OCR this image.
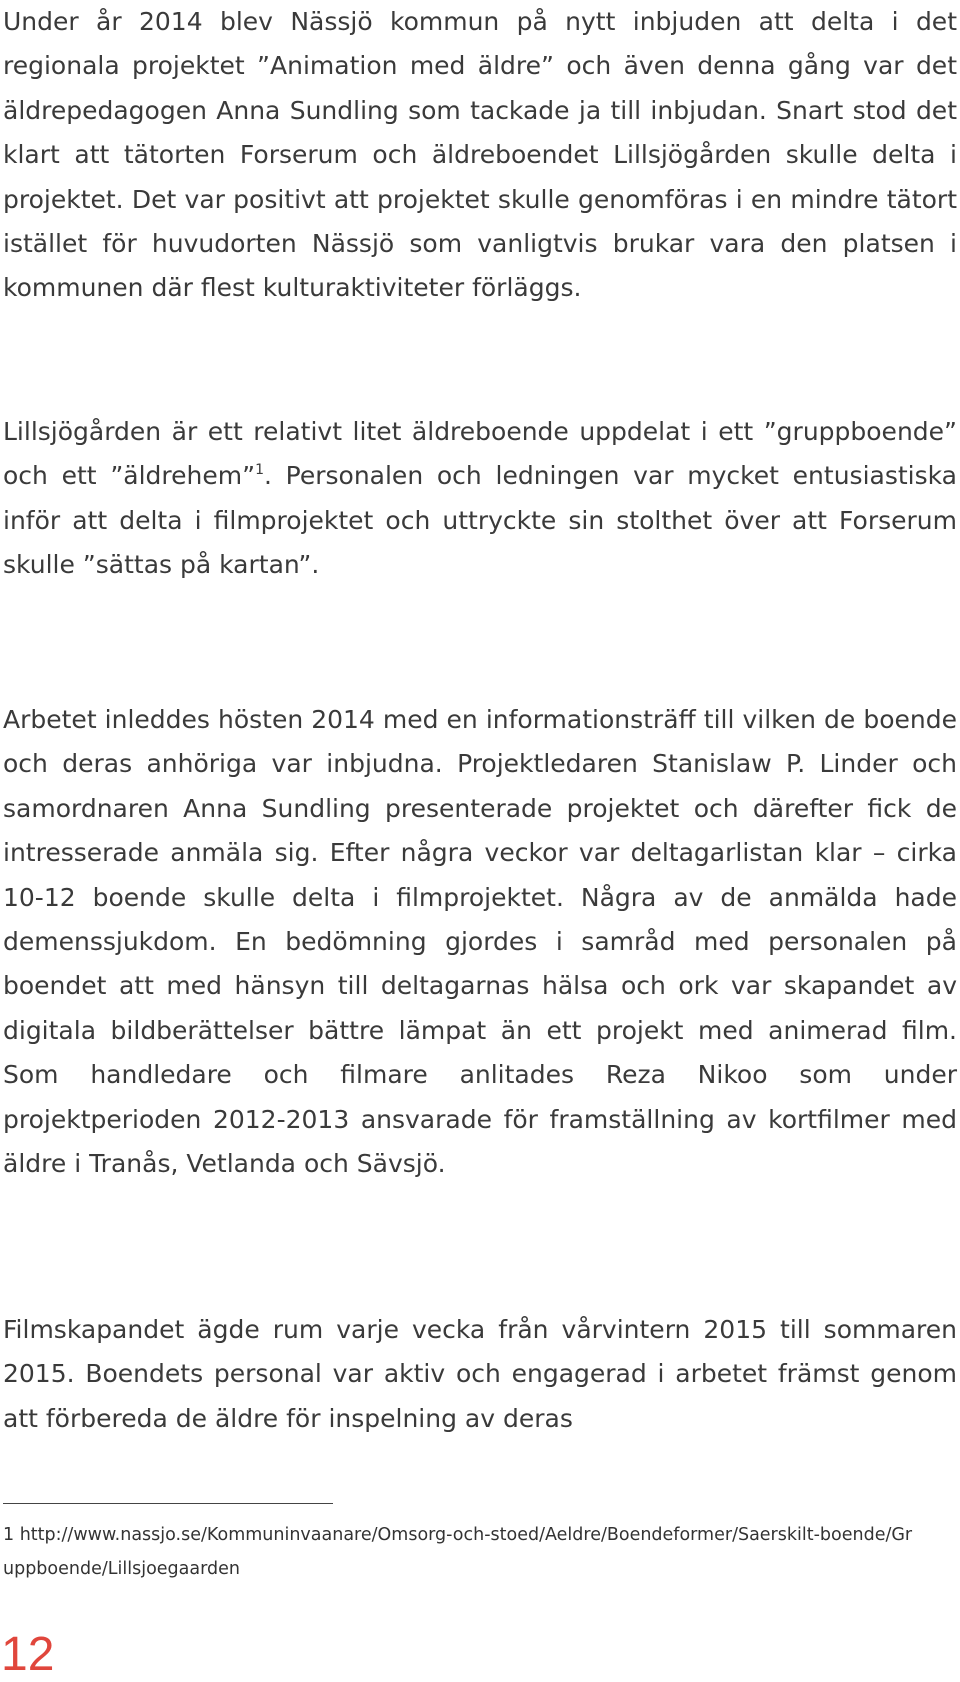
Under år 2014 blev Nässjö kommun på nytt inbjuden att delta i det regionala projektet ”Animation med äldre” och även denna gång var det äldrepedagogen Anna Sundling som tackade ja till inbjudan. Snart stod det klart att tätorten Forserum och äldreboendet Lillsjögården skulle delta i projektet. Det var positivt att projektet skulle genomföras i en mindre tätort istället för huvudorten Nässjö som vanligtvis brukar vara den platsen i kommunen där flest kulturaktiviteter förläggs.

Lillsjögården är ett relativt litet äldreboende uppdelat i ett ”gruppboende” och ett ”äldrehem”$^1$. Personalen och ledningen var mycket entusiastiska inför att delta i filmprojektet och uttryckte sin stolthet över att Forserum skulle ”sättas på kartan”.

Arbetet inleddes hösten 2014 med en informationsträff till vilken de boende och deras anhöriga var inbjudna. Projektledaren Stanislaw P. Linder och samordnaren Anna Sundling presenterade projektet och därefter fick de intresserade anmäla sig. Efter några veckor var deltagarlistan klar – cirka 10-12 boende skulle delta i filmprojektet. Några av de anmälda hade demenssjukdom. En bedömning gjordes i samråd med personalen på boendet att med hänsyn till deltagarnas hälsa och ork var skapandet av digitala bildberättelser bättre lämpat än ett projekt med animerad film. Som handledare och filmare anlitades Reza Nikoo som under projektperioden 2012-2013 ansvarade för framställning av kortfilmer med äldre i Tranås, Vetlanda och Sävsjö.

Filmskapandet ägde rum varje vecka från vårvintern 2015 till sommaren 2015. Boendets personal var aktiv och engagerad i arbetet främst genom att förbereda de äldre för inspelning av deras

1 http://www.nassjo.se/Kommuninvaanare/Omsorg-och-stoed/Aeldre/Boendeformer/Saerskilt-boende/Gruppboende/Lillsjoegaarden

12
